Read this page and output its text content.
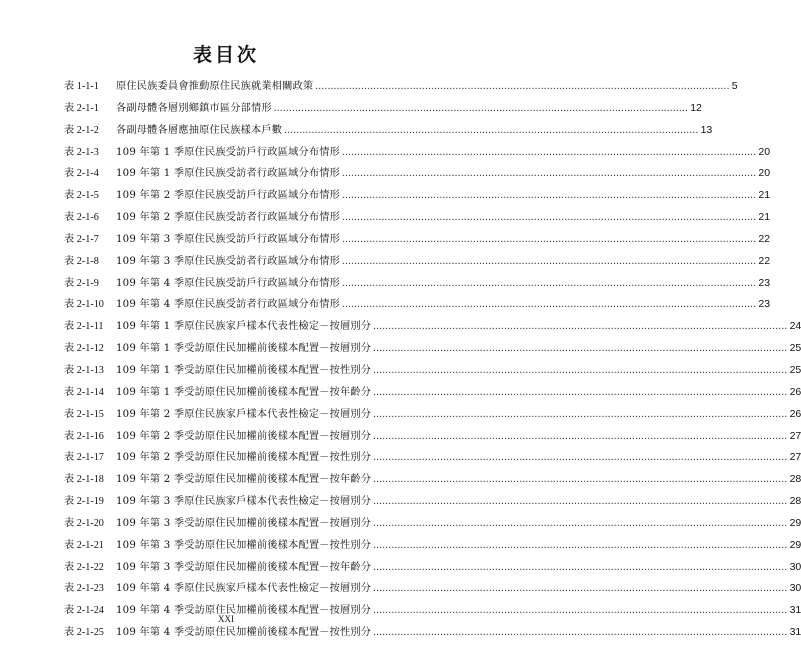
表目次
表 1-1-1	原住民族委員會推動原住民族就業相關政策 .....	5
表 2-1-1	各副母體各層別鄉鎮市區分部情形 .....	12
表 2-1-2	各副母體各層應抽原住民族樣本戶數 .....	13
表 2-1-3	109 年第 1 季原住民族受訪戶行政區域分布情形 .....	20
表 2-1-4	109 年第 1 季原住民族受訪者行政區域分布情形 .....	20
表 2-1-5	109 年第 2 季原住民族受訪戶行政區域分布情形 .....	21
表 2-1-6	109 年第 2 季原住民族受訪者行政區域分布情形 .....	21
表 2-1-7	109 年第 3 季原住民族受訪戶行政區域分布情形 .....	22
表 2-1-8	109 年第 3 季原住民族受訪者行政區域分布情形 .....	22
表 2-1-9	109 年第 4 季原住民族受訪戶行政區域分布情形 .....	23
表 2-1-10	109 年第 4 季原住民族受訪者行政區域分布情形 .....	23
表 2-1-11	109 年第 1 季原住民族家戶樣本代表性檢定－按層別分 .....	24
表 2-1-12	109 年第 1 季受訪原住民加權前後樣本配置－按層別分 .....	25
表 2-1-13	109 年第 1 季受訪原住民加權前後樣本配置－按性別分 .....	25
表 2-1-14	109 年第 1 季受訪原住民加權前後樣本配置－按年齡分 .....	26
表 2-1-15	109 年第 2 季原住民族家戶樣本代表性檢定－按層別分 .....	26
表 2-1-16	109 年第 2 季受訪原住民加權前後樣本配置－按層別分 .....	27
表 2-1-17	109 年第 2 季受訪原住民加權前後樣本配置－按性別分 .....	27
表 2-1-18	109 年第 2 季受訪原住民加權前後樣本配置－按年齡分 .....	28
表 2-1-19	109 年第 3 季原住民族家戶樣本代表性檢定－按層別分 .....	28
表 2-1-20	109 年第 3 季受訪原住民加權前後樣本配置－按層別分 .....	29
表 2-1-21	109 年第 3 季受訪原住民加權前後樣本配置－按性別分 .....	29
表 2-1-22	109 年第 3 季受訪原住民加權前後樣本配置－按年齡分 .....	30
表 2-1-23	109 年第 4 季原住民族家戶樣本代表性檢定－按層別分 .....	30
表 2-1-24	109 年第 4 季受訪原住民加權前後樣本配置－按層別分 .....	31
表 2-1-25	109 年第 4 季受訪原住民加權前後樣本配置－按性別分 .....	31
XXI
